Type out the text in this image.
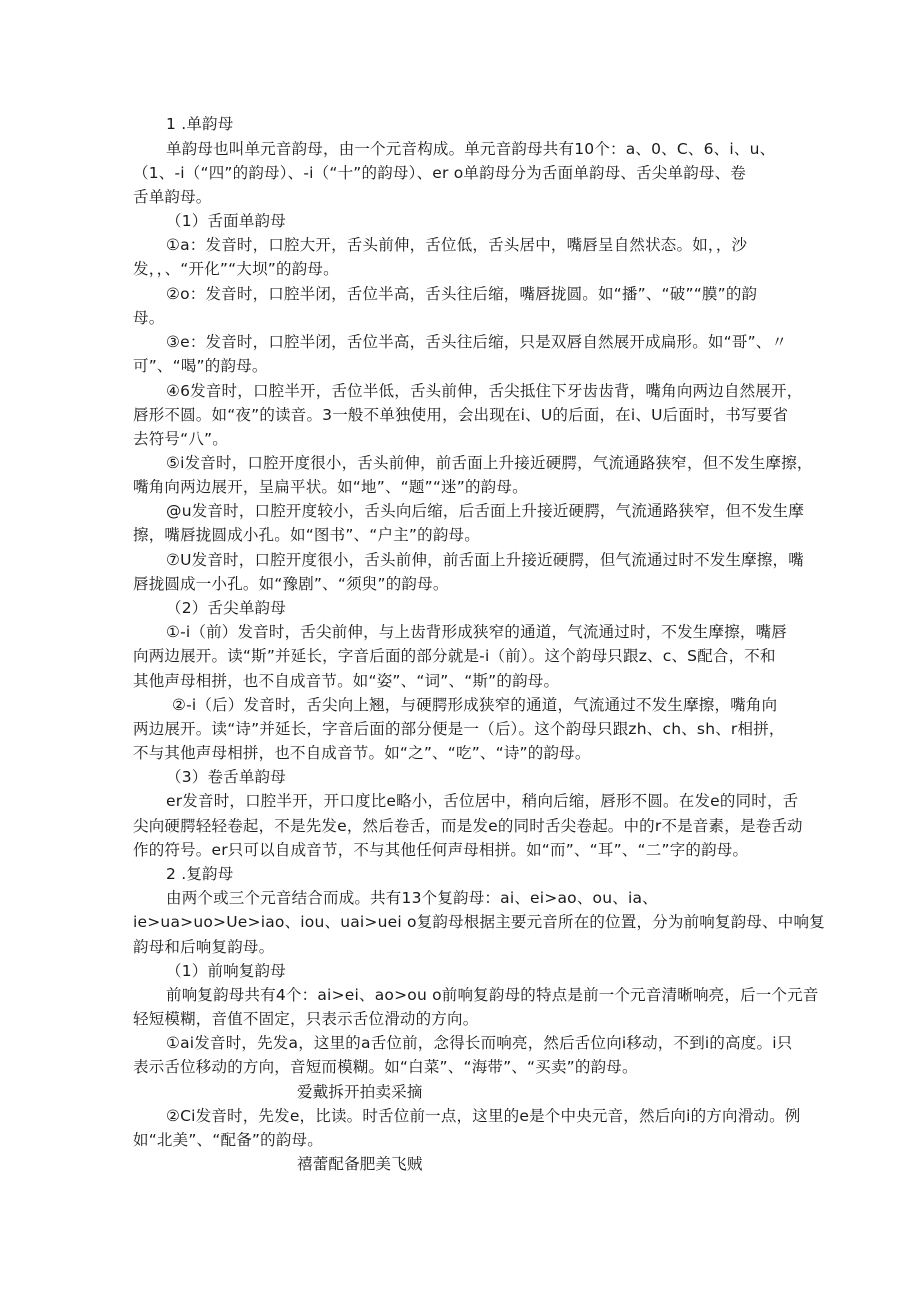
1 .单韵母
单韵母也叫单元音韵母，由一个元音构成。单元音韵母共有10个：a、0、C、6、i、u、
（1、-i（“四”的韵母）、-i（“十”的韵母）、er o单韵母分为舌面单韵母、舌尖单韵母、卷
舌单韵母。
（1）舌面单韵母
①a：发音时，口腔大开，舌头前伸，舌位低，舌头居中，嘴唇呈自然状态。如，，沙
发，，、“开化”“大坝”的韵母。
②o：发音时，口腔半闭，舌位半高，舌头往后缩，嘴唇拢圆。如“播”、“破”“膜”的韵
母。
③e：发音时，口腔半闭，舌位半高，舌头往后缩，只是双唇自然展开成扁形。如“哥”、〃
可”、“喝”的韵母。
④6发音时，口腔半开，舌位半低，舌头前伸，舌尖抵住下牙齿齿背，嘴角向两边自然展开，
唇形不圆。如“夜”的读音。3一般不单独使用，会出现在i、U的后面，在i、U后面时，书写要省
去符号“八”。
⑤i发音时，口腔开度很小，舌头前伸，前舌面上升接近硬腭，气流通路狭窄，但不发生摩擦，
嘴角向两边展开，呈扁平状。如“地”、“题”“迷”的韵母。
@u发音时，口腔开度较小，舌头向后缩，后舌面上升接近硬腭，气流通路狭窄，但不发生摩
擦，嘴唇拢圆成小孔。如“图书”、“户主”的韵母。
⑦U发音时，口腔开度很小，舌头前伸，前舌面上升接近硬腭，但气流通过时不发生摩擦，嘴
唇拢圆成一小孔。如“豫剧”、“须臾”的韵母。
（2）舌尖单韵母
①-i（前）发音时，舌尖前伸，与上齿背形成狭窄的通道，气流通过时，不发生摩擦，嘴唇
向两边展开。读“斯”并延长，字音后面的部分就是-i（前）。这个韵母只跟z、c、S配合，不和
其他声母相拼，也不自成音节。如“姿”、“词”、“斯”的韵母。
②-i（后）发音时，舌尖向上翘，与硬腭形成狭窄的通道，气流通过不发生摩擦，嘴角向
两边展开。读“诗”并延长，字音后面的部分便是一（后）。这个韵母只跟zh、ch、sh、r相拼，
不与其他声母相拼，也不自成音节。如“之”、“吃”、“诗”的韵母。
（3）卷舌单韵母
er发音时，口腔半开，开口度比e略小，舌位居中，稍向后缩，唇形不圆。在发e的同时，舌
尖向硬腭轻轻卷起，不是先发e，然后卷舌，而是发e的同时舌尖卷起。中的r不是音素，是卷舌动
作的符号。er只可以自成音节，不与其他任何声母相拼。如“而”、“耳”、“二”字的韵母。
2 .复韵母
由两个或三个元音结合而成。共有13个复韵母：ai、ei>ao、ou、ia、
ie>ua>uo>Ue>iao、iou、uai>uei o复韵母根据主要元音所在的位置，分为前响复韵母、中响复
韵母和后响复韵母。
（1）前响复韵母
前响复韵母共有4个：ai>ei、ao>ou o前响复韵母的特点是前一个元音清晰响亮，后一个元音
轻短模糊，音值不固定，只表示舌位滑动的方向。
①ai发音时，先发a，这里的a舌位前，念得长而响亮，然后舌位向i移动，不到i的高度。i只
表示舌位移动的方向，音短而模糊。如“白菜”、“海带”、“买卖”的韵母。
爱戴拆开拍卖采摘
②Ci发音时，先发e，比读。时舌位前一点，这里的e是个中央元音，然后向i的方向滑动。例
如“北美”、“配备”的韵母。
禧蕾配备肥美飞贼
